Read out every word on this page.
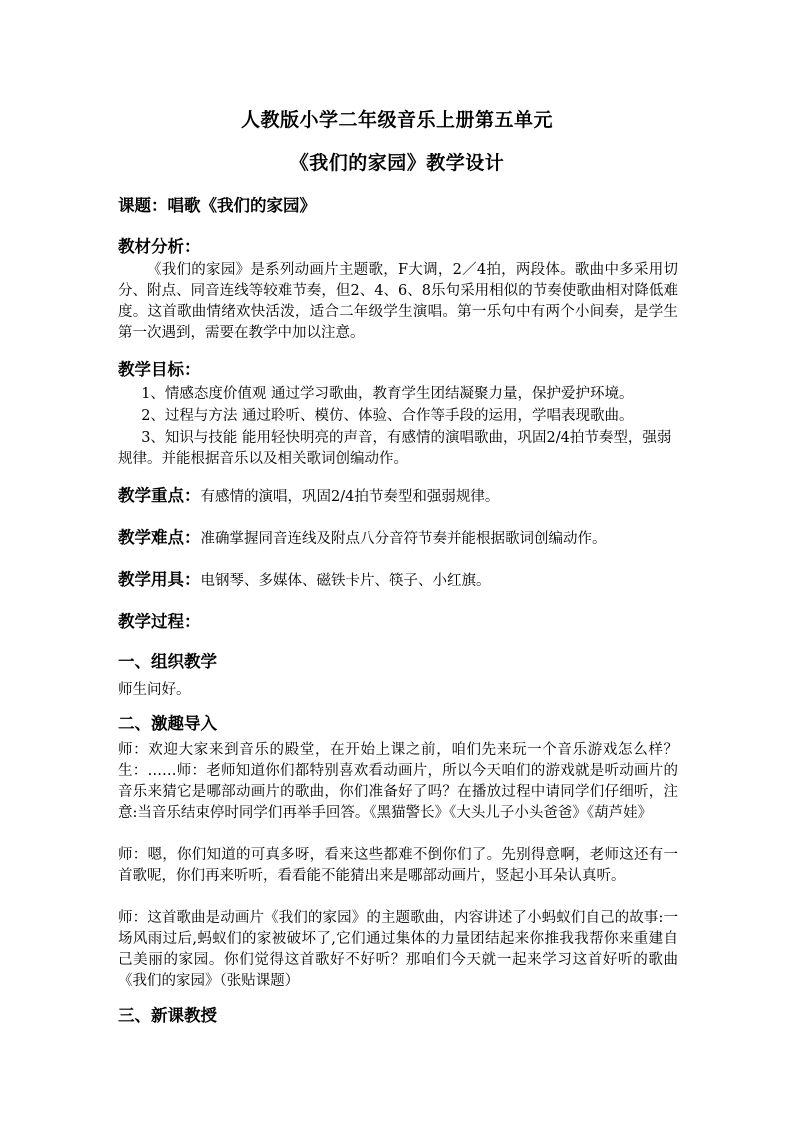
人教版小学二年级音乐上册第五单元
《我们的家园》教学设计
课题：唱歌《我们的家园》
教材分析：
《我们的家园》是系列动画片主题歌，F大调，2／4拍，两段体。歌曲中多采用切分、附点、同音连线等较难节奏，但2、4、6、8乐句采用相似的节奏使歌曲相对降低难度。这首歌曲情绪欢快活泼，适合二年级学生演唱。第一乐句中有两个小间奏，是学生第一次遇到，需要在教学中加以注意。
教学目标：
1、情感态度价值观 通过学习歌曲，教育学生团结凝聚力量，保护爱护环境。
2、过程与方法 通过聆听、模仿、体验、合作等手段的运用，学唱表现歌曲。
3、知识与技能 能用轻快明亮的声音，有感情的演唱歌曲，巩固2/4拍节奏型，强弱规律。并能根据音乐以及相关歌词创编动作。
教学重点：有感情的演唱，巩固2/4拍节奏型和强弱规律。
教学难点：准确掌握同音连线及附点八分音符节奏并能根据歌词创编动作。
教学用具：电钢琴、多媒体、磁铁卡片、筷子、小红旗。
教学过程：
一、组织教学
师生问好。
二、激趣导入
师：欢迎大家来到音乐的殿堂，在开始上课之前，咱们先来玩一个音乐游戏怎么样？　生：……师：老师知道你们都特别喜欢看动画片，所以今天咱们的游戏就是听动画片的音乐来猜它是哪部动画片的歌曲，你们准备好了吗？在播放过程中请同学们仔细听，注意:当音乐结束停时同学们再举手回答。《黑猫警长》《大头儿子小头爸爸》《葫芦娃》
师：嗯，你们知道的可真多呀，看来这些都难不倒你们了。先别得意啊，老师这还有一首歌呢，你们再来听听，看看能不能猜出来是哪部动画片，竖起小耳朵认真听。
师：这首歌曲是动画片《我们的家园》的主题歌曲，内容讲述了小蚂蚁们自己的故事:一场风雨过后,蚂蚁们的家被破坏了,它们通过集体的力量团结起来你推我我帮你来重建自己美丽的家园。你们觉得这首歌好不好听？那咱们今天就一起来学习这首好听的歌曲《我们的家园》（张贴课题）
三、新课教授
